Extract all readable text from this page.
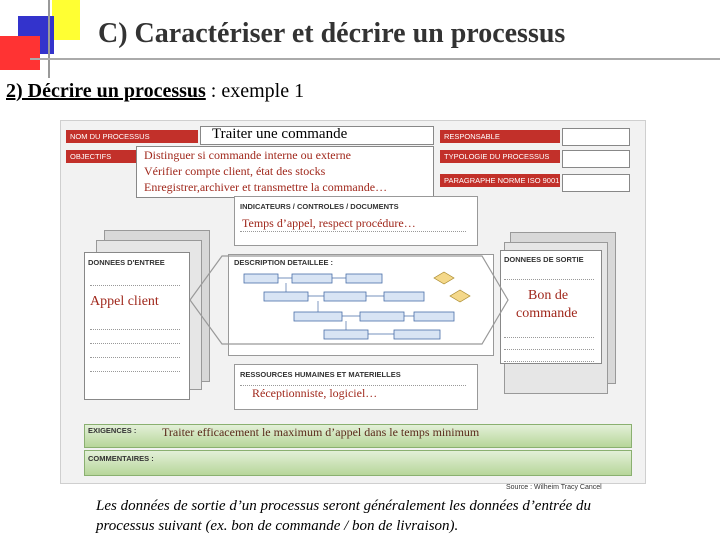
C) Caractériser et décrire un processus
2) Décrire un processus : exemple 1
NOM DU PROCESSUS	Traiter une commande
OBJECTIFS	Distinguer si commande interne ou externe
Vérifier compte client, état des stocks
Enregistrer,archiver et transmettre la commande…
RESPONSABLE
TYPOLOGIE DU PROCESSUS
PARAGRAPHE NORME ISO 9001
INDICATEURS / CONTROLES / DOCUMENTS
Temps d’appel, respect procédure…
DONNEES D'ENTREE
Appel client
DESCRIPTION DETAILLEE :	DONNEES DE SORTIE
Bon de
commande
RESSOURCES HUMAINES ET MATERIELLES
Réceptionniste, logiciel…
EXIGENCES : Traiter efficacement le maximum d’appel dans le temps minimum
COMMENTAIRES :
Source : Wilheim Tracy Cancel
Les données de sortie d’un processus seront généralement les données d’entrée du processus suivant (ex. bon de commande / bon de livraison).
